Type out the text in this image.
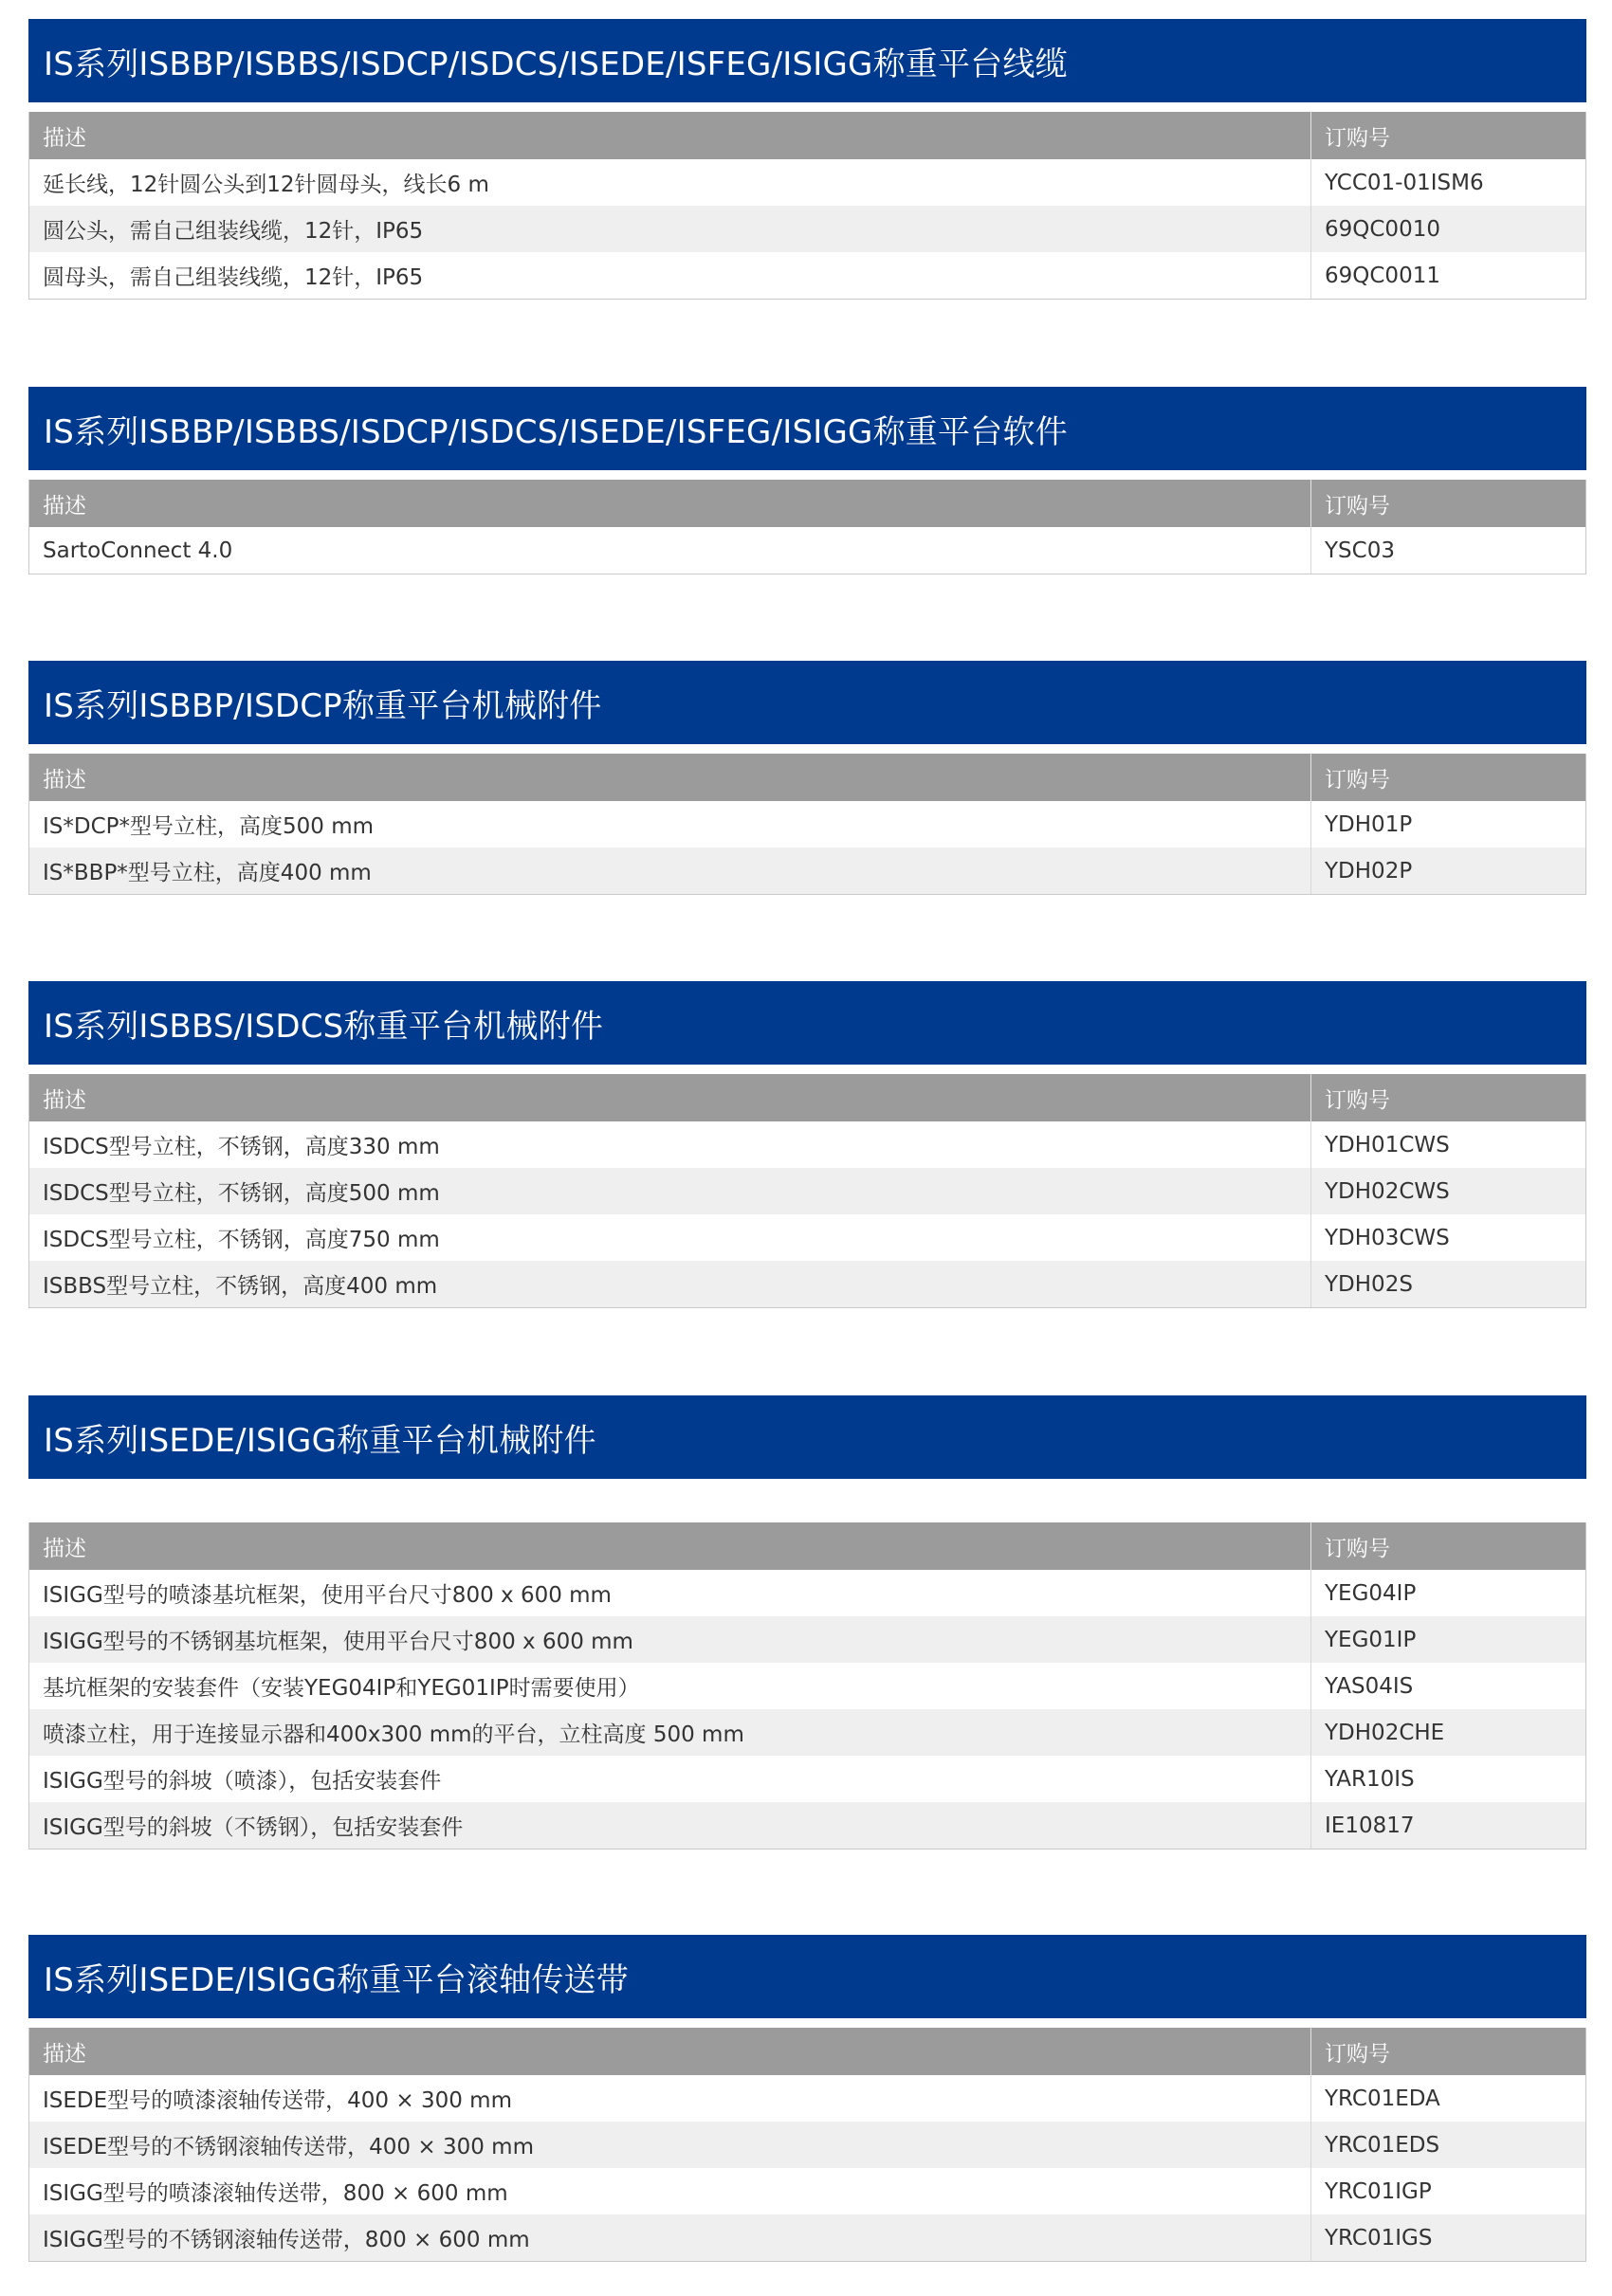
IS系列ISBBP/ISBBS/ISDCP/ISDCS/ISEDE/ISFEG/ISIGG称重平台线缆
描述	订购号
延长线，12针圆公头到12针圆母头，线长6 m	YCC01-01ISM6
圆公头，需自己组装线缆，12针，IP65	69QC0010
圆母头，需自己组装线缆，12针，IP65	69QC0011
IS系列ISBBP/ISBBS/ISDCP/ISDCS/ISEDE/ISFEG/ISIGG称重平台软件
描述	订购号
SartoConnect 4.0	YSC03
IS系列ISBBP/ISDCP称重平台机械附件
描述	订购号
IS*DCP*型号立柱，高度500 mm	YDH01P
IS*BBP*型号立柱，高度400 mm	YDH02P
IS系列ISBBS/ISDCS称重平台机械附件
描述	订购号
ISDCS型号立柱，不锈钢，高度330 mm	YDH01CWS
ISDCS型号立柱，不锈钢，高度500 mm	YDH02CWS
ISDCS型号立柱，不锈钢，高度750 mm	YDH03CWS
ISBBS型号立柱，不锈钢，高度400 mm	YDH02S
IS系列ISEDE/ISIGG称重平台机械附件
描述	订购号
ISIGG型号的喷漆基坑框架，使用平台尺寸800 x 600 mm	YEG04IP
ISIGG型号的不锈钢基坑框架，使用平台尺寸800 x 600 mm	YEG01IP
基坑框架的安装套件（安装YEG04IP和YEG01IP时需要使用）	YAS04IS
喷漆立柱，用于连接显示器和400x300 mm的平台，立柱高度 500 mm	YDH02CHE
ISIGG型号的斜坡（喷漆），包括安装套件	YAR10IS
ISIGG型号的斜坡（不锈钢），包括安装套件	IE10817
IS系列ISEDE/ISIGG称重平台滚轴传送带
描述	订购号
ISEDE型号的喷漆滚轴传送带，400 × 300 mm	YRC01EDA
ISEDE型号的不锈钢滚轴传送带，400 × 300 mm	YRC01EDS
ISIGG型号的喷漆滚轴传送带，800 × 600 mm	YRC01IGP
ISIGG型号的不锈钢滚轴传送带，800 × 600 mm	YRC01IGS
